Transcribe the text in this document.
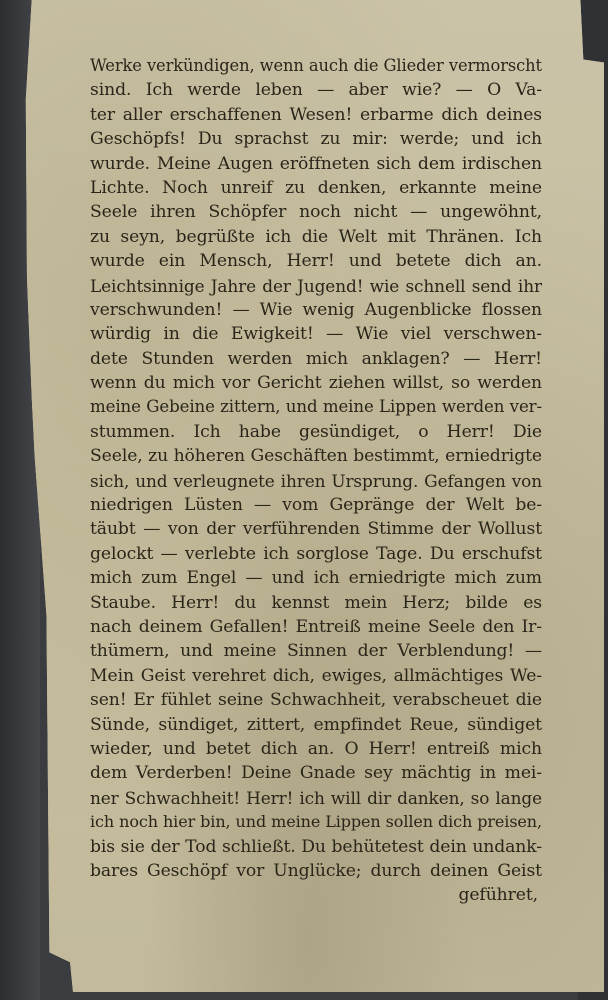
Werke verkündigen, wenn auch die Glieder vermorscht
sind. Ich werde leben — aber wie? — O Va-
ter aller erschaffenen Wesen! erbarme dich deines
Geschöpfs! Du sprachst zu mir: werde; und ich
wurde. Meine Augen eröffneten sich dem irdischen
Lichte. Noch unreif zu denken, erkannte meine
Seele ihren Schöpfer noch nicht — ungewöhnt,
zu seyn, begrüßte ich die Welt mit Thränen. Ich
wurde ein Mensch, Herr! und betete dich an.
Leichtsinnige Jahre der Jugend! wie schnell send ihr
verschwunden! — Wie wenig Augenblicke flossen
würdig in die Ewigkeit! — Wie viel verschwen-
dete Stunden werden mich anklagen? — Herr!
wenn du mich vor Gericht ziehen willst, so werden
meine Gebeine zittern, und meine Lippen werden ver-
stummen. Ich habe gesündiget, o Herr! Die
Seele, zu höheren Geschäften bestimmt, erniedrigte
sich, und verleugnete ihren Ursprung. Gefangen von
niedrigen Lüsten — vom Gepränge der Welt be-
täubt — von der verführenden Stimme der Wollust
gelockt — verlebte ich sorglose Tage. Du erschufst
mich zum Engel — und ich erniedrigte mich zum
Staube. Herr! du kennst mein Herz; bilde es
nach deinem Gefallen! Entreiß meine Seele den Ir-
thümern, und meine Sinnen der Verblendung! —
Mein Geist verehret dich, ewiges, allmächtiges We-
sen! Er fühlet seine Schwachheit, verabscheuet die
Sünde, sündiget, zittert, empfindet Reue, sündiget
wieder, und betet dich an. O Herr! entreiß mich
dem Verderben! Deine Gnade sey mächtig in mei-
ner Schwachheit! Herr! ich will dir danken, so lange
ich noch hier bin, und meine Lippen sollen dich preisen,
bis sie der Tod schließt. Du behütetest dein undank-
bares Geschöpf vor Unglücke; durch deinen Geist
geführet,
